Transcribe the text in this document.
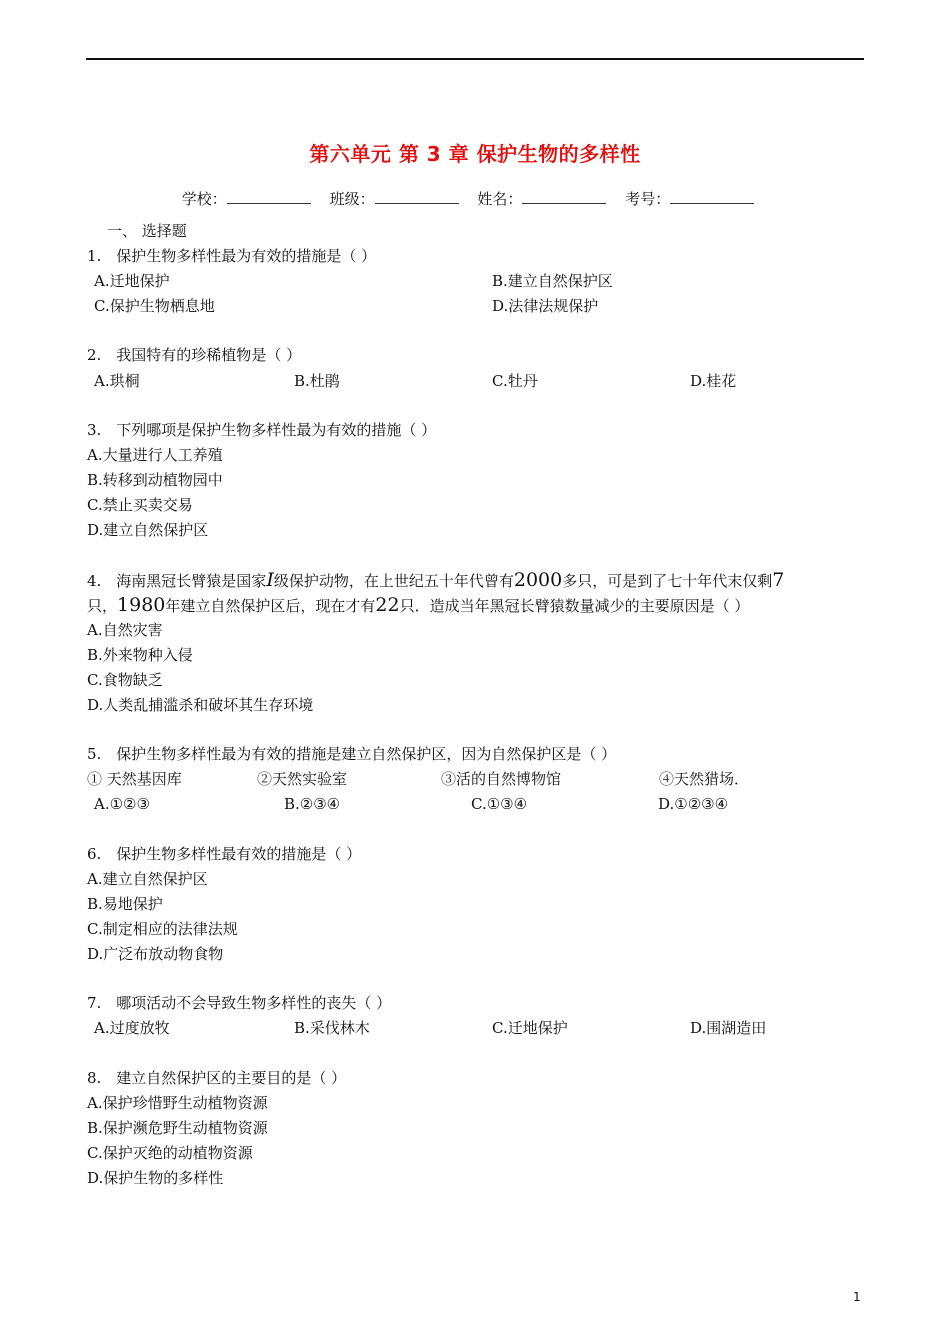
第六单元 第 3 章 保护生物的多样性
学校：	班级：	姓名：	考号：
一、 选择题
1.　保护生物多样性最为有效的措施是（ ）
A.迁地保护	B.建立自然保护区
C.保护生物栖息地	D.法律法规保护
2.　我国特有的珍稀植物是（ ）
A.珙桐	B.杜鹃	C.牡丹	D.桂花
3.　下列哪项是保护生物多样性最为有效的措施（ ）
A.大量进行人工养殖
B.转移到动植物园中
C.禁止买卖交易
D.建立自然保护区
4.　海南黑冠长臂猿是国家I级保护动物，在上世纪五十年代曾有2000多只，可是到了七十年代末仅剩7
只，1980年建立自然保护区后，现在才有22只．造成当年黑冠长臂猿数量减少的主要原因是（ ）
A.自然灾害
B.外来物种入侵
C.食物缺乏
D.人类乱捕滥杀和破坏其生存环境
5.　保护生物多样性最为有效的措施是建立自然保护区，因为自然保护区是（ ）
① 天然基因库	②天然实验室	③活的自然博物馆	④天然猎场．
A.①②③	B.②③④	C.①③④	D.①②③④
6.　保护生物多样性最有效的措施是（ ）
A.建立自然保护区
B.易地保护
C.制定相应的法律法规
D.广泛布放动物食物
7.　哪项活动不会导致生物多样性的丧失（ ）
A.过度放牧	B.采伐林木	C.迁地保护	D.围湖造田
8.　建立自然保护区的主要目的是（ ）
A.保护珍惜野生动植物资源
B.保护濒危野生动植物资源
C.保护灭绝的动植物资源
D.保护生物的多样性
1
